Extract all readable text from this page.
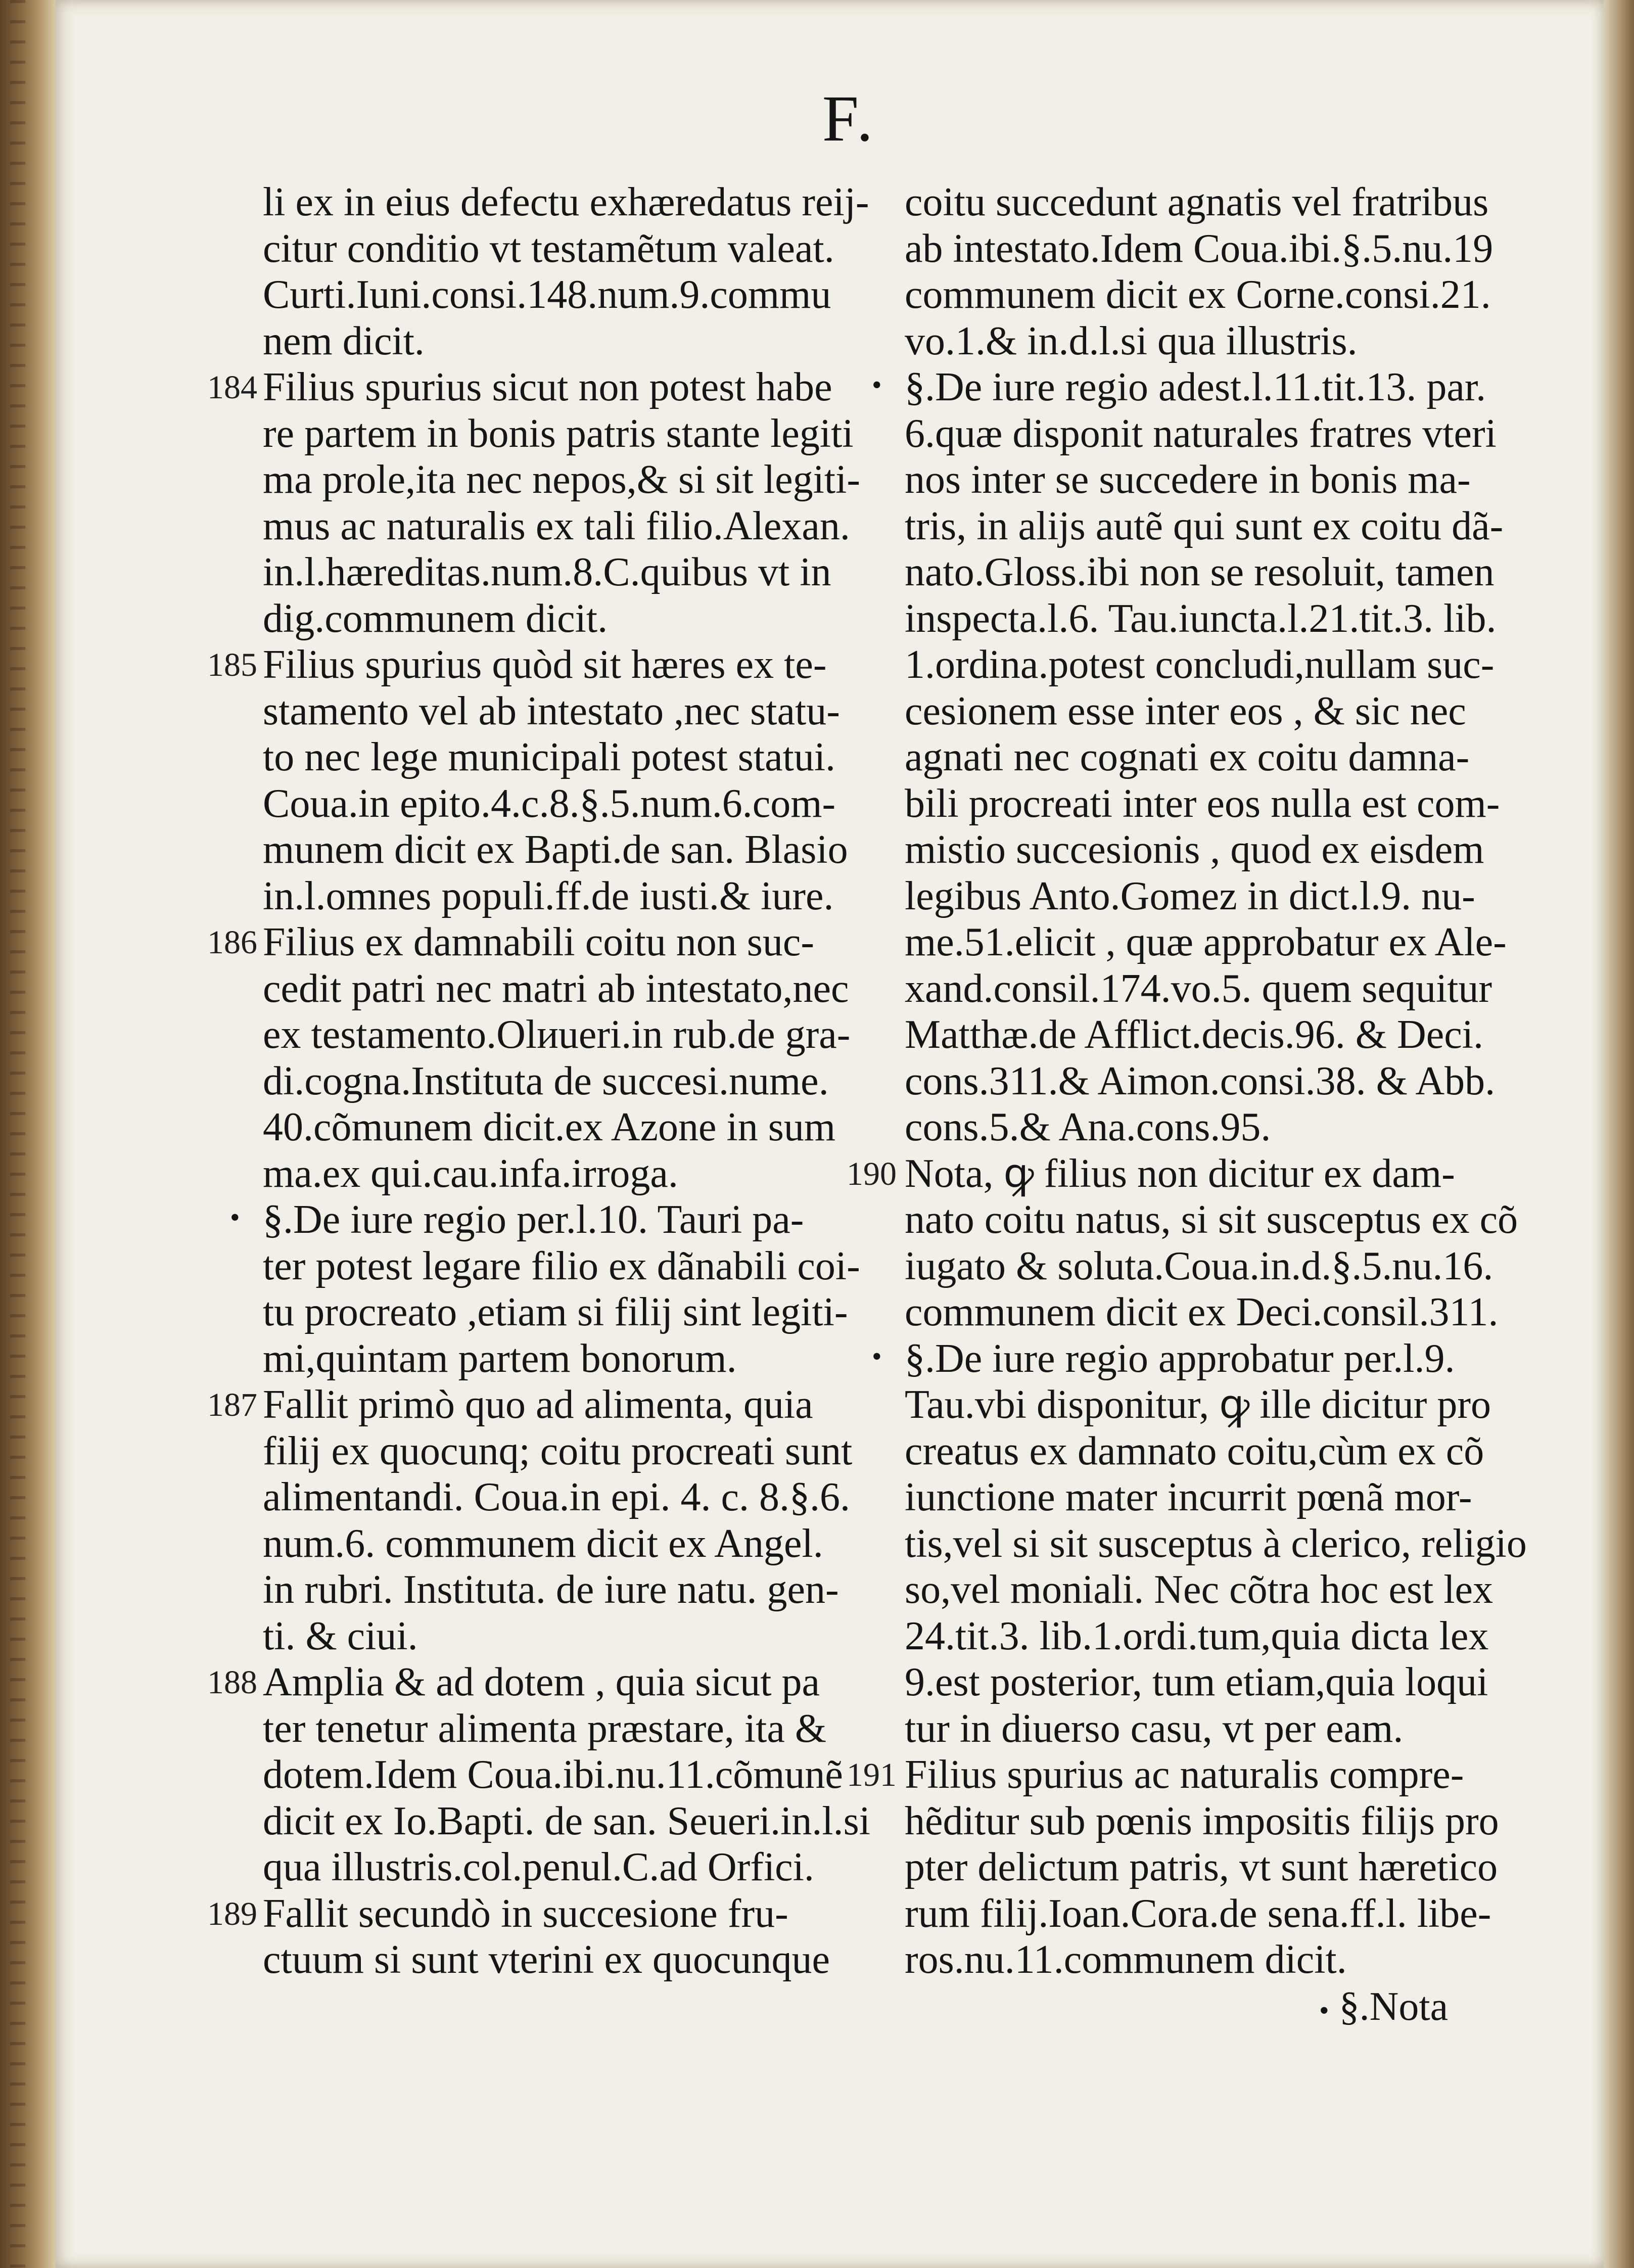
F.
li ex in eius defectu exhæredatus reij-
citur conditio vt testamẽtum valeat.
Curti.Iuni.consi.148.num.9.commu
nem dicit.
184 Filius spurius sicut non potest habe
re partem in bonis patris stante legiti
ma prole,ita nec nepos,& si sit legiti-
mus ac naturalis ex tali filio.Alexan.
in.l.hæreditas.num.8.C.quibus vt in
dig.communem dicit.
185 Filius spurius quòd sit hæres ex te-
stamento vel ab intestato ,nec statu-
to nec lege municipali potest statui.
Coua.in epito.4.c.8.§.5.num.6.com-
munem dicit ex Bapti.de san. Blasio
in.l.omnes populi.ff.de iusti.& iure.
186 Filius ex damnabili coitu non suc-
cedit patri nec matri ab intestato,nec
ex testamento.Olиueri.in rub.de gra-
di.cogna.Instituta de succesi.nume.
40.cõmunem dicit.ex Azone in sum
ma.ex qui.cau.infa.irroga.
• §.De iure regio per.l.10. Tauri pa-
ter potest legare filio ex dãnabili coi-
tu procreato ,etiam si filij sint legiti-
mi,quintam partem bonorum.
187 Fallit primò quo ad alimenta, quia
filij ex quocunq; coitu procreati sunt
alimentandi. Coua.in epi. 4. c. 8.§.6.
num.6. communem dicit ex Angel.
in rubri. Instituta. de iure natu. gen-
ti. & ciui.
188 Amplia & ad dotem , quia sicut pa
ter tenetur alimenta præstare, ita &
dotem.Idem Coua.ibi.nu.11.cõmunẽ
dicit ex Io.Bapti. de san. Seueri.in.l.si
qua illustris.col.penul.C.ad Orfici.
189 Fallit secundò in succesione fru-
ctuum si sunt vterini ex quocunque
coitu succedunt agnatis vel fratribus
ab intestato.Idem Coua.ibi.§.5.nu.19
communem dicit ex Corne.consi.21.
vo.1.& in.d.l.si qua illustris.
• §.De iure regio adest.l.11.tit.13. par.
6.quæ disponit naturales fratres vteri
nos inter se succedere in bonis ma-
tris, in alijs autẽ qui sunt ex coitu dã-
nato.Gloss.ibi non se resoluit, tamen
inspecta.l.6. Tau.iuncta.l.21.tit.3. lib.
1.ordina.potest concludi,nullam suc-
cesionem esse inter eos , & sic nec
agnati nec cognati ex coitu damna-
bili procreati inter eos nulla est com-
mistio succesionis , quod ex eisdem
legibus Anto.Gomez in dict.l.9. nu-
me.51.elicit , quæ approbatur ex Ale-
xand.consil.174.vo.5. quem sequitur
Matthæ.de Afflict.decis.96. & Deci.
cons.311.& Aimon.consi.38. & Abb.
cons.5.& Ana.cons.95.
190 Nota, ꝙ filius non dicitur ex dam-
nato coitu natus, si sit susceptus ex cõ
iugato & soluta.Coua.in.d.§.5.nu.16.
communem dicit ex Deci.consil.311.
• §.De iure regio approbatur per.l.9.
Tau.vbi disponitur, ꝙ ille dicitur pro
creatus ex damnato coitu,cùm ex cõ
iunctione mater incurrit pœnã mor-
tis,vel si sit susceptus à clerico, religio
so,vel moniali. Nec cõtra hoc est lex
24.tit.3. lib.1.ordi.tum,quia dicta lex
9.est posterior, tum etiam,quia loqui
tur in diuerso casu, vt per eam.
191 Filius spurius ac naturalis compre-
hẽditur sub pœnis impositis filijs pro
pter delictum patris, vt sunt hæretico
rum filij.Ioan.Cora.de sena.ff.l. libe-
ros.nu.11.communem dicit.
• §.Nota
